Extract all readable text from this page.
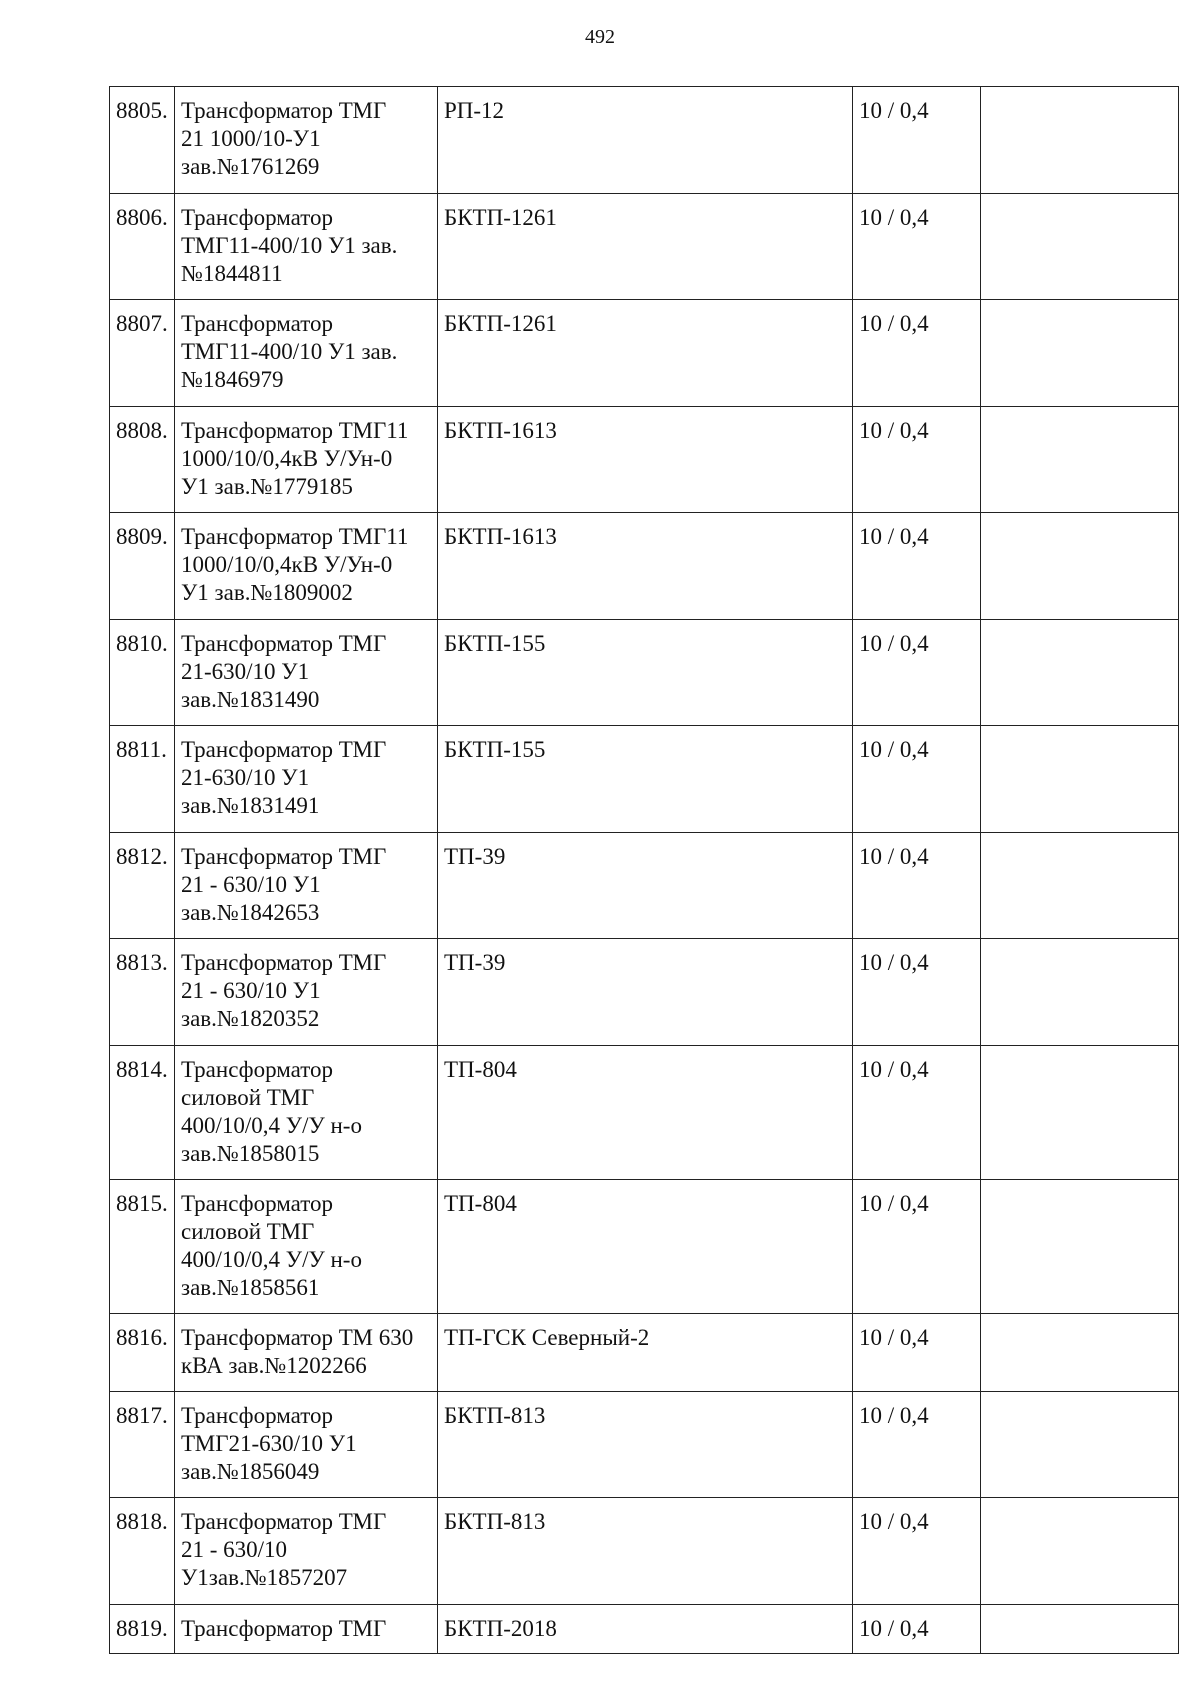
492
8805.	Трансформатор ТМГ
21 1000/10-У1
зав.№1761269	РП-12	10 / 0,4	
8806.	Трансформатор
ТМГ11-400/10 У1 зав.
№1844811	БКТП-1261	10 / 0,4	
8807.	Трансформатор
ТМГ11-400/10 У1 зав.
№1846979	БКТП-1261	10 / 0,4	
8808.	Трансформатор ТМГ11
1000/10/0,4кВ У/Ун-0
У1 зав.№1779185	БКТП-1613	10 / 0,4	
8809.	Трансформатор ТМГ11
1000/10/0,4кВ У/Ун-0
У1 зав.№1809002	БКТП-1613	10 / 0,4	
8810.	Трансформатор ТМГ
21-630/10 У1
зав.№1831490	БКТП-155	10 / 0,4	
8811.	Трансформатор ТМГ
21-630/10 У1
зав.№1831491	БКТП-155	10 / 0,4	
8812.	Трансформатор ТМГ
21 - 630/10 У1
зав.№1842653	ТП-39	10 / 0,4	
8813.	Трансформатор ТМГ
21 - 630/10 У1
зав.№1820352	ТП-39	10 / 0,4	
8814.	Трансформатор
силовой ТМГ
400/10/0,4 У/У н-о
зав.№1858015	ТП-804	10 / 0,4	
8815.	Трансформатор
силовой ТМГ
400/10/0,4 У/У н-о
зав.№1858561	ТП-804	10 / 0,4	
8816.	Трансформатор ТМ 630
кВА зав.№1202266	ТП-ГСК Северный-2	10 / 0,4	
8817.	Трансформатор
ТМГ21-630/10 У1
зав.№1856049	БКТП-813	10 / 0,4	
8818.	Трансформатор ТМГ
21 - 630/10
У1зав.№1857207	БКТП-813	10 / 0,4	
8819.	Трансформатор ТМГ	БКТП-2018	10 / 0,4	
